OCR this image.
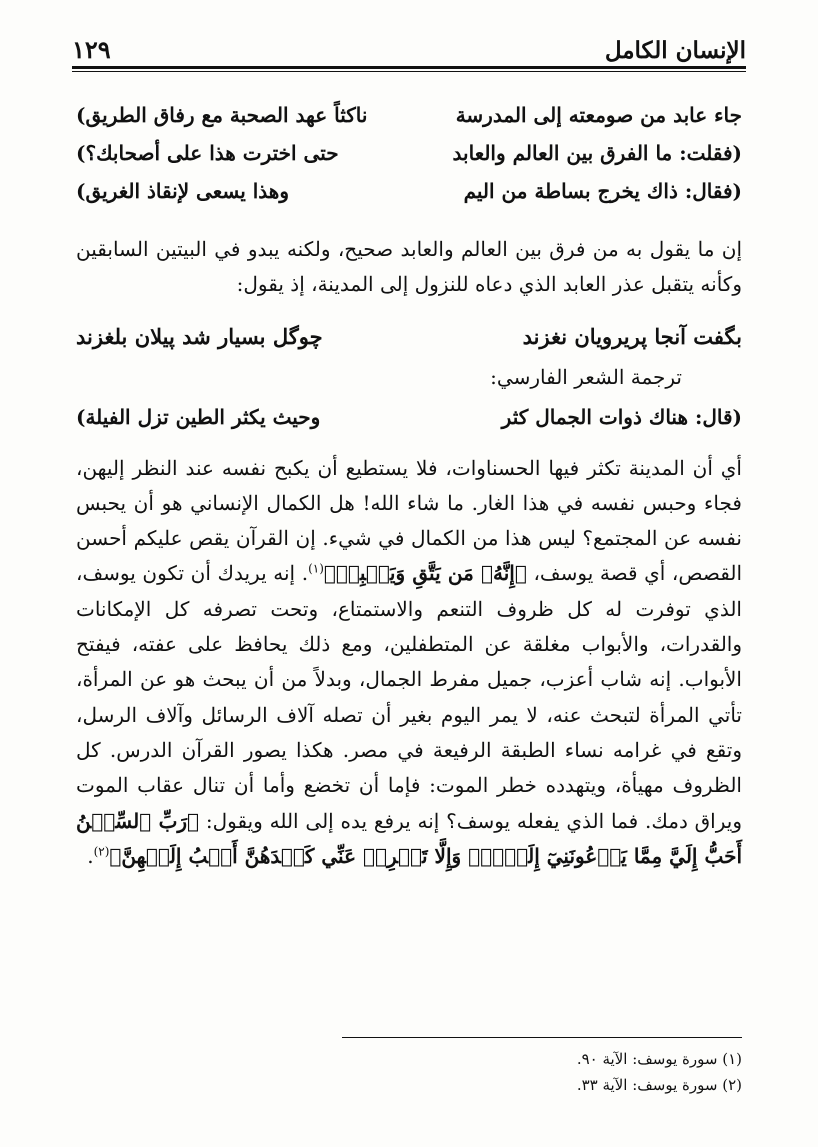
الإنسان الكامل
١٢٩
جاء عابد من صومعته إلى المدرسة
ناكثاً عهد الصحبة مع رفاق الطريق)
(فقلت: ما الفرق بين العالم والعابد
حتى اخترت هذا على أصحابك؟)
(فقال: ذاك يخرج بساطة من اليم
وهذا يسعى لإنقاذ الغريق)

إن ما يقول به من فرق بين العالم والعابد صحيح، ولكنه يبدو في البيتين السابقين وكأنه يتقبل عذر العابد الذي دعاه للنزول إلى المدينة، إذ يقول:

بگفت آنجا پريرويان نغزند
چوگل بسيار شد پيلان بلغزند
ترجمة الشعر الفارسي:
(قال: هناك ذوات الجمال كثر
وحيث يكثر الطين تزل الفيلة)

أي أن المدينة تكثر فيها الحسناوات، فلا يستطيع أن يكبح نفسه عند النظر إليهن، فجاء وحبس نفسه في هذا الغار. ما شاء الله! هل الكمال الإنساني هو أن يحبس نفسه عن المجتمع؟ ليس هذا من الكمال في شيء. إن القرآن يقص عليكم أحسن القصص، أي قصة يوسف، ﴿إِنَّهُۥ مَن يَتَّقِ وَيَصۡبِرۡ﴾$^{(١)}$. إنه يريدك أن تكون يوسف، الذي توفرت له كل ظروف التنعم والاستمتاع، وتحت تصرفه كل الإمكانات والقدرات، والأبواب مغلقة عن المتطفلين، ومع ذلك يحافظ على عفته، فيفتح الأبواب. إنه شاب أعزب، جميل مفرط الجمال، وبدلاً من أن يبحث هو عن المرأة، تأتي المرأة لتبحث عنه، لا يمر اليوم بغير أن تصله آلاف الرسائل وآلاف الرسل، وتقع في غرامه نساء الطبقة الرفيعة في مصر. هكذا يصور القرآن الدرس. كل الظروف مهيأة، ويتهدده خطر الموت: فإما أن تخضع وأما أن تنال عقاب الموت ويراق دمك. فما الذي يفعله يوسف؟ إنه يرفع يده إلى الله ويقول: ﴿رَبِّ ٱلسِّجۡنُ أَحَبُّ إِلَيَّ مِمَّا يَدۡعُونَنِيٓ إِلَيۡهِۖ وَإِلَّا تَصۡرِفۡ عَنِّي كَيۡدَهُنَّ أَصۡبُ إِلَيۡهِنَّ﴾$^{(٢)}$.

(١) سورة يوسف: الآية ٩٠.
(٢) سورة يوسف: الآية ٣٣.
